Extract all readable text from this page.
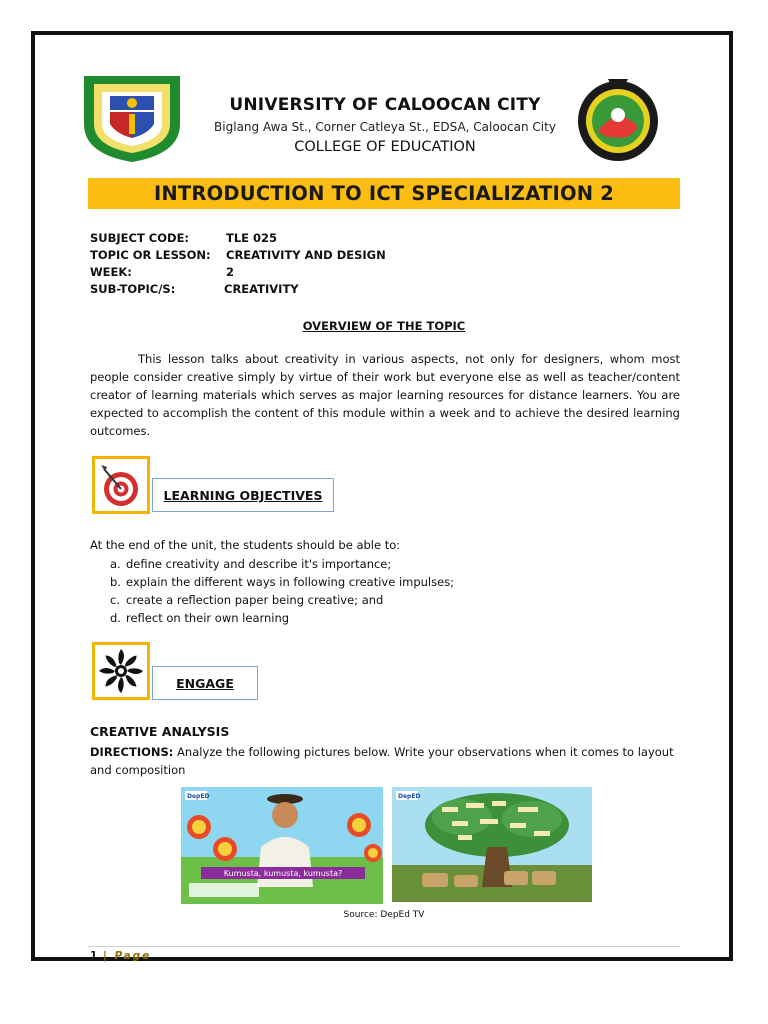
UNIVERSITY OF CALOOCAN CITY
Biglang Awa St., Corner Catleya St., EDSA, Caloocan City
COLLEGE OF EDUCATION
INTRODUCTION TO ICT SPECIALIZATION 2
SUBJECT CODE:	TLE 025
TOPIC OR LESSON: CREATIVITY AND DESIGN
WEEK:	2
SUB-TOPIC/S:	CREATIVITY
OVERVIEW OF THE TOPIC
This lesson talks about creativity in various aspects, not only for designers, whom most people consider creative simply by virtue of their work but everyone else as well as teacher/content creator of learning materials which serves as major learning resources for distance learners. You are expected to accomplish the content of this module within a week and to achieve the desired learning outcomes.
LEARNING OBJECTIVES
At the end of the unit, the students should be able to:
a. define creativity and describe it's importance;
b. explain the different ways in following creative impulses;
c. create a reflection paper being creative; and
d. reflect on their own learning
ENGAGE
CREATIVE ANALYSIS
DIRECTIONS: Analyze the following pictures below. Write your observations when it comes to layout and composition
DepED
Kumusta, kumusta, kumusta?
DepED
Source: DepEd TV
1 | Page
